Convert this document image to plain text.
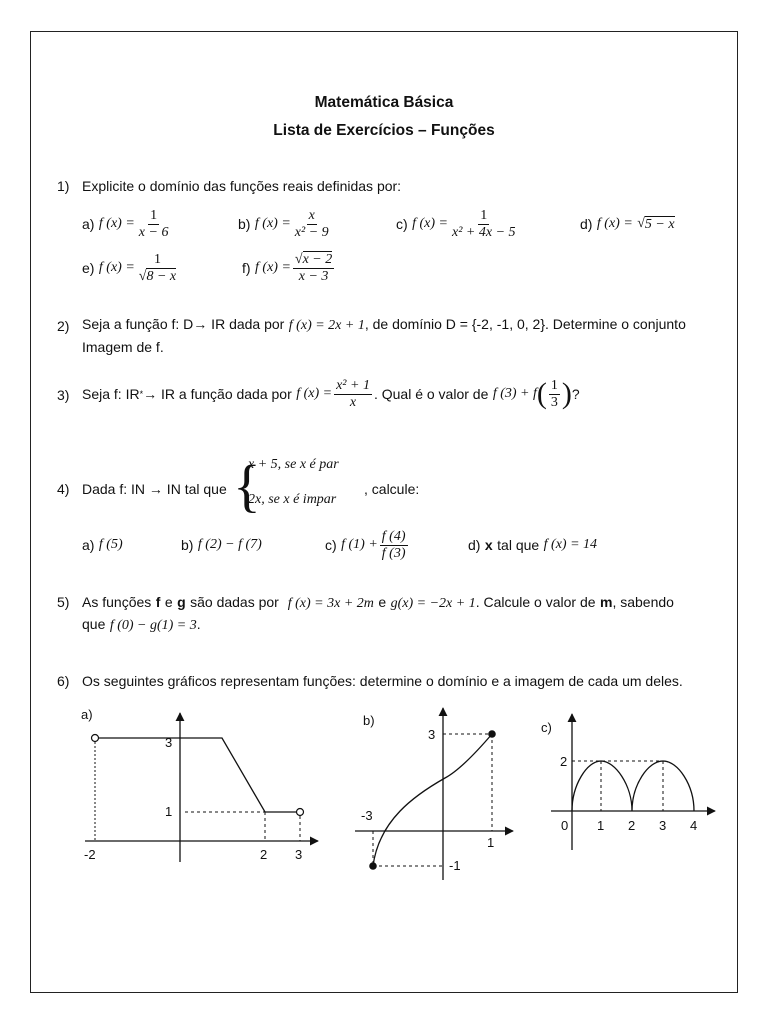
Matemática Básica
Lista de Exercícios – Funções
1) Explicite o domínio das funções reais definidas por:
a)
f $(x) = \frac{1}{x - 6}$	b)
f $(x) = \frac{x}{\text{x² − 9}}$	c)
f $(x) = \frac{1}{\text{x² + 4x − 5}}$	d)
f (x) =
√ 5 − x
e)
f $(x) = \frac{1}{√8 - x}$	f)
f $(x) = \frac{√x - 2}{x - 3}$
2) Seja a função f: D→ IR dada por f (x) = 2x + 1, de domínio D = {-2, -1, 0, 2}. Determine o conjunto
Imagem de f.
3) Seja f: IR * → IR a função dada por
f $(x) = \frac{\text{x² + 1}}{x}$ . Qual é o valor de
f (3) + f ( $\frac{1}{3}$ ) ?
4) Dada f: IN → IN tal que {
x + 5, se x é par
2x, se x é impar
, calcule:
a)
f (5)	b)
f (2) − f (7)	c)
f $(1) + \frac{f (4)}{f (3)}$	d)
x
tal que
f (x) = 14
5) As funções f e g são dadas por f (x) = 3x + 2m e g(x) = −2x + 1. Calcule o valor de m, sabendo
que f (0) − g(1) = 3.
6) Os seguintes gráficos representam funções: determine o domínio e a imagem de cada um deles.
a)
3
1
-2	2 3
b)
3
-1
-3
1
c)
2
0 1 2 3 4
